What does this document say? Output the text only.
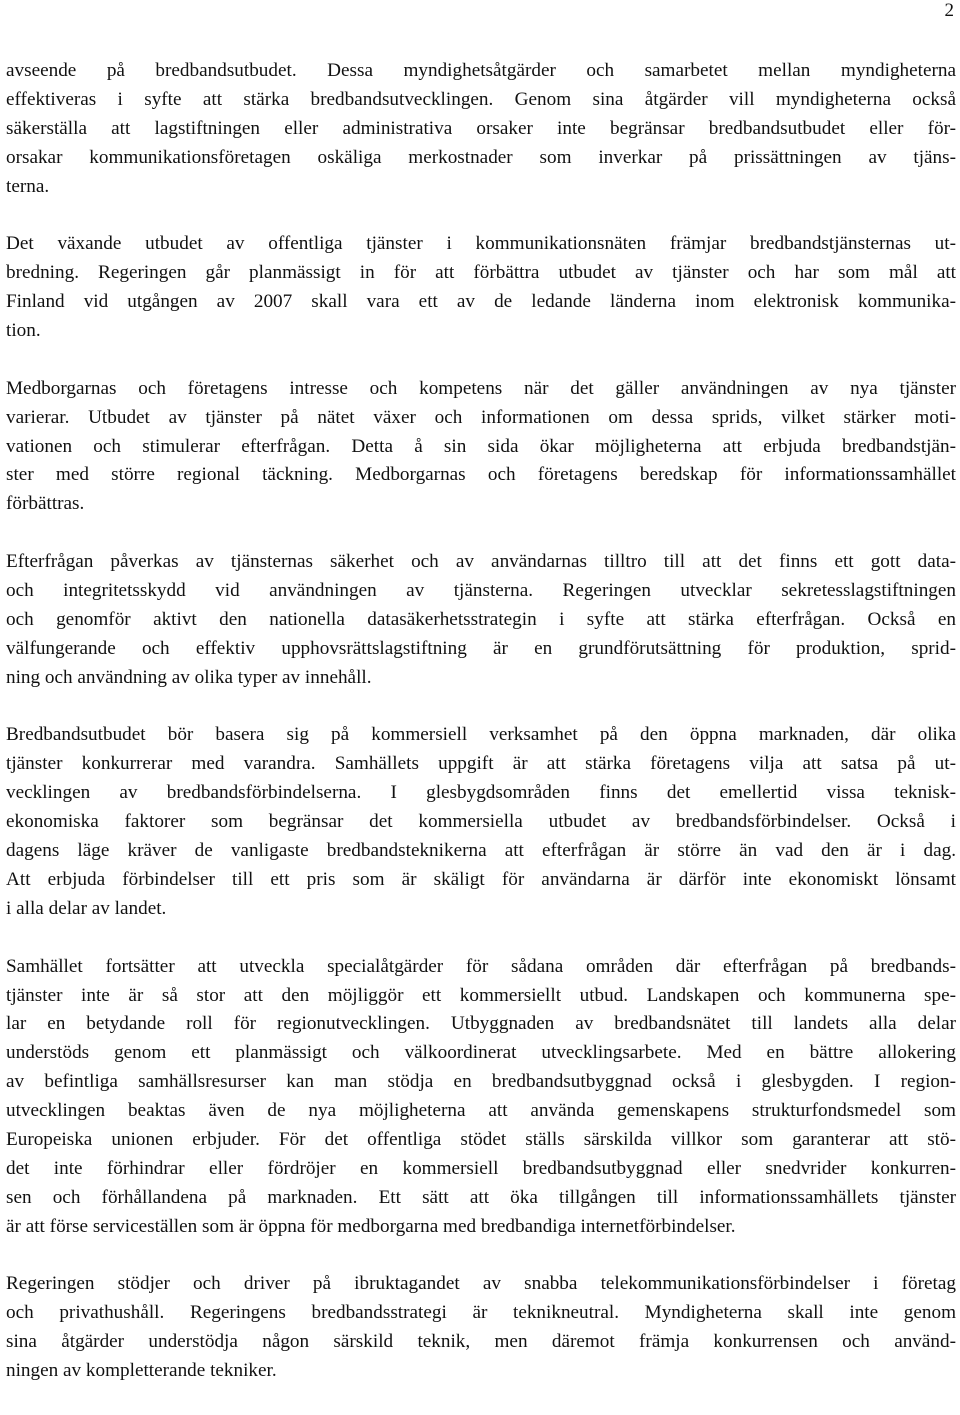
2
avseende på bredbandsutbudet. Dessa myndighetsåtgärder och samarbetet mellan myndigheterna
effektiveras i syfte att stärka bredbandsutvecklingen. Genom sina åtgärder vill myndigheterna också
säkerställa att lagstiftningen eller administrativa orsaker inte begränsar bredbandsutbudet eller för-
orsakar kommunikationsföretagen oskäliga merkostnader som inverkar på prissättningen av tjäns-
terna.
Det växande utbudet av offentliga tjänster i kommunikationsnäten främjar bredbandstjänsternas ut-
bredning. Regeringen går planmässigt in för att förbättra utbudet av tjänster och har som mål att
Finland vid utgången av 2007 skall vara ett av de ledande länderna inom elektronisk kommunika-
tion.
Medborgarnas och företagens intresse och kompetens när det gäller användningen av nya tjänster
varierar. Utbudet av tjänster på nätet växer och informationen om dessa sprids, vilket stärker moti-
vationen och stimulerar efterfrågan. Detta å sin sida ökar möjligheterna att erbjuda bredbandstjän-
ster med större regional täckning. Medborgarnas och företagens beredskap för informationssamhället
förbättras.
Efterfrågan påverkas av tjänsternas säkerhet och av användarnas tilltro till att det finns ett gott data-
och integritetsskydd vid användningen av tjänsterna. Regeringen utvecklar sekretesslagstiftningen
och genomför aktivt den nationella datasäkerhetsstrategin i syfte att stärka efterfrågan. Också en
välfungerande och effektiv upphovsrättslagstiftning är en grundförutsättning för produktion, sprid-
ning och användning av olika typer av innehåll.
Bredbandsutbudet bör basera sig på kommersiell verksamhet på den öppna marknaden, där olika
tjänster konkurrerar med varandra. Samhällets uppgift är att stärka företagens vilja att satsa på ut-
vecklingen av bredbandsförbindelserna. I glesbygdsområden finns det emellertid vissa teknisk-
ekonomiska faktorer som begränsar det kommersiella utbudet av bredbandsförbindelser. Också i
dagens läge kräver de vanligaste bredbandsteknikerna att efterfrågan är större än vad den är i dag.
Att erbjuda förbindelser till ett pris som är skäligt för användarna är därför inte ekonomiskt lönsamt
i alla delar av landet.
Samhället fortsätter att utveckla specialåtgärder för sådana områden där efterfrågan på bredbands-
tjänster inte är så stor att den möjliggör ett kommersiellt utbud. Landskapen och kommunerna spe-
lar en betydande roll för regionutvecklingen. Utbyggnaden av bredbandsnätet till landets alla delar
understöds genom ett planmässigt och välkoordinerat utvecklingsarbete. Med en bättre allokering
av befintliga samhällsresurser kan man stödja en bredbandsutbyggnad också i glesbygden. I region-
utvecklingen beaktas även de nya möjligheterna att använda gemenskapens strukturfondsmedel som
Europeiska unionen erbjuder. För det offentliga stödet ställs särskilda villkor som garanterar att stö-
det inte förhindrar eller fördröjer en kommersiell bredbandsutbyggnad eller snedvrider konkurren-
sen och förhållandena på marknaden. Ett sätt att öka tillgången till informationssamhällets tjänster
är att förse serviceställen som är öppna för medborgarna med bredbandiga internetförbindelser.
Regeringen stödjer och driver på ibruktagandet av snabba telekommunikationsförbindelser i företag
och privathushåll. Regeringens bredbandsstrategi är teknikneutral. Myndigheterna skall inte genom
sina åtgärder understödja någon särskild teknik, men däremot främja konkurrensen och använd-
ningen av kompletterande tekniker.
